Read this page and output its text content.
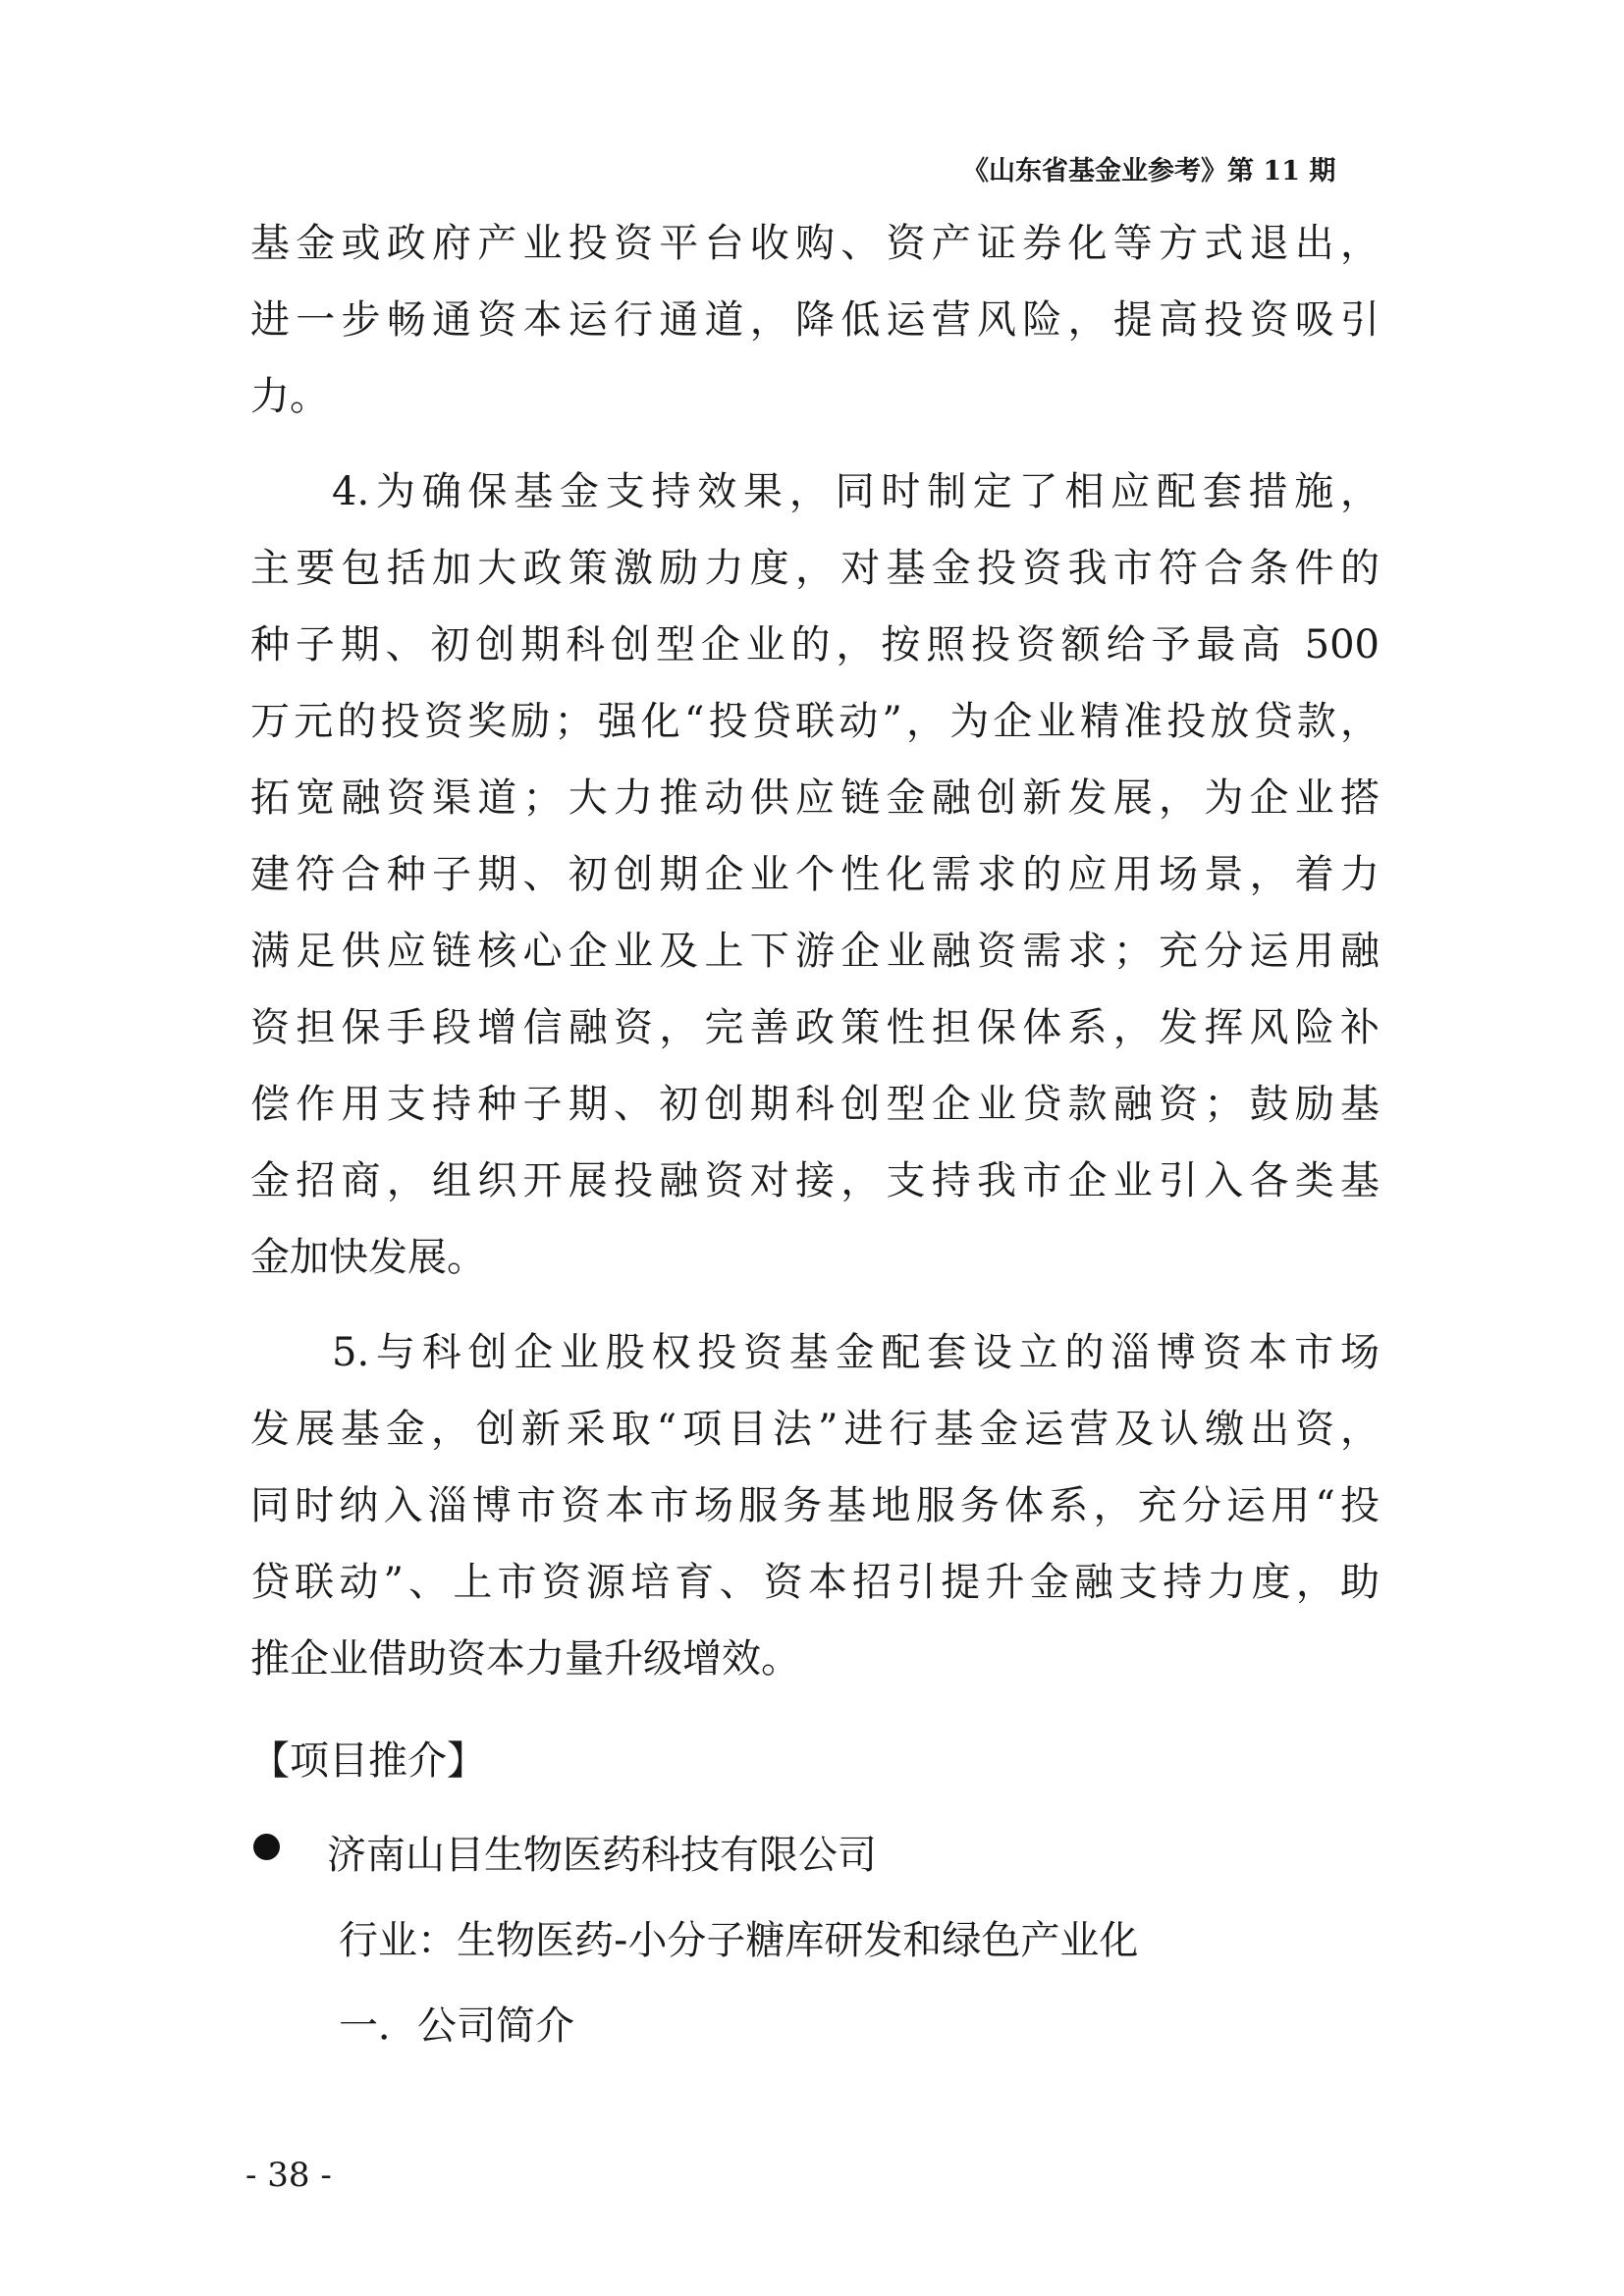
《山东省基金业参考》第 11 期
基金或政府产业投资平台收购、资产证券化等方式退出，
进一步畅通资本运行通道，降低运营风险，提高投资吸引
力。
4.为确保基金支持效果，同时制定了相应配套措施，
主要包括加大政策激励力度，对基金投资我市符合条件的
种子期、初创期科创型企业的，按照投资额给予最高 500
万元的投资奖励；强化“投贷联动”，为企业精准投放贷款，
拓宽融资渠道；大力推动供应链金融创新发展，为企业搭
建符合种子期、初创期企业个性化需求的应用场景，着力
满足供应链核心企业及上下游企业融资需求；充分运用融
资担保手段增信融资，完善政策性担保体系，发挥风险补
偿作用支持种子期、初创期科创型企业贷款融资；鼓励基
金招商，组织开展投融资对接，支持我市企业引入各类基
金加快发展。
5.与科创企业股权投资基金配套设立的淄博资本市场
发展基金，创新采取“项目法”进行基金运营及认缴出资，
同时纳入淄博市资本市场服务基地服务体系，充分运用“投
贷联动”、上市资源培育、资本招引提升金融支持力度，助
推企业借助资本力量升级增效。
【项目推介】
济南山目生物医药科技有限公司
行业：生物医药-小分子糖库研发和绿色产业化
一．公司简介
- 38 -
